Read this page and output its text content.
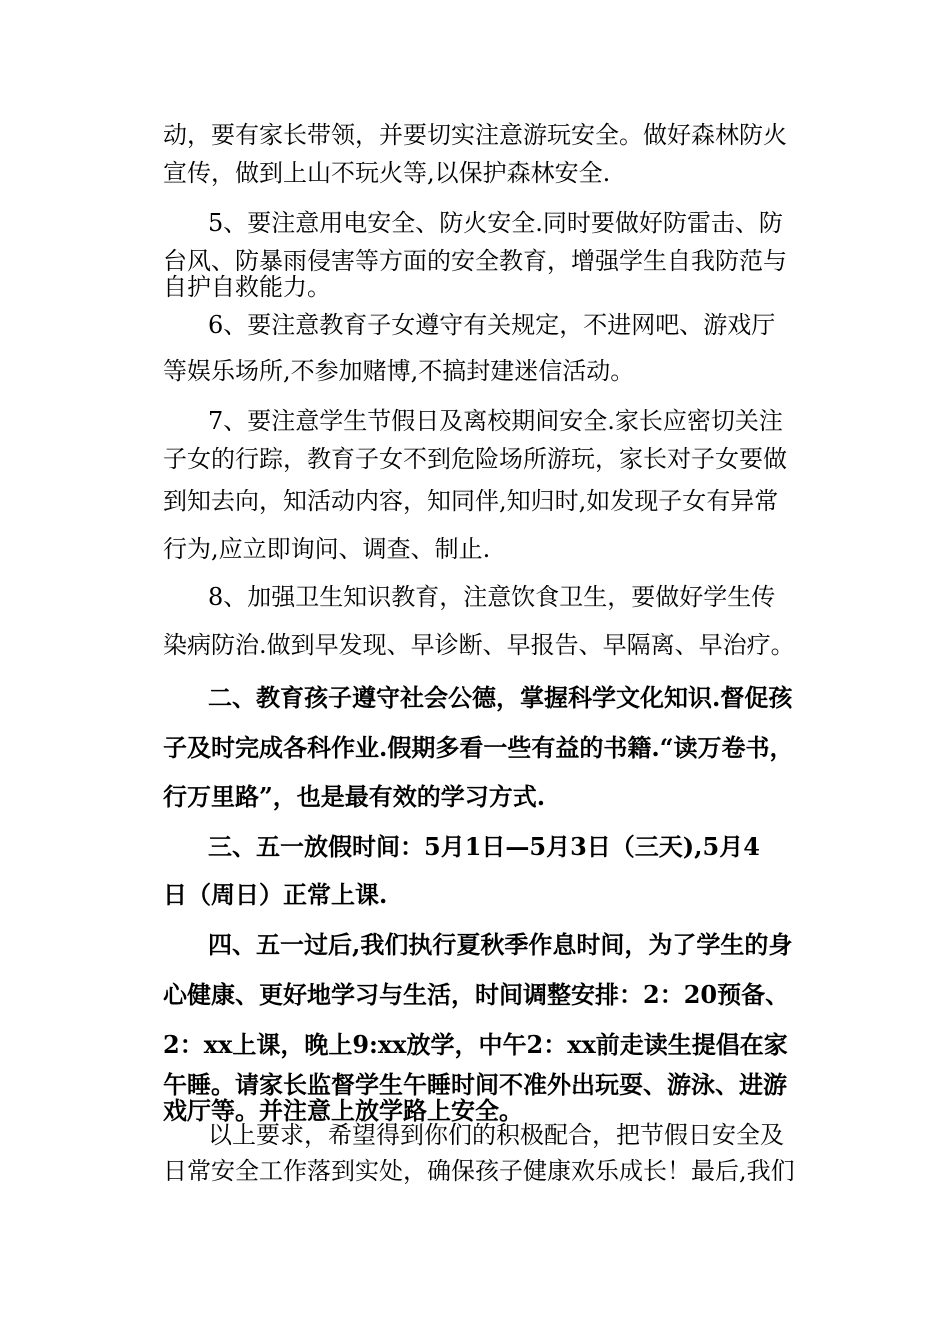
动，要有家长带领，并要切实注意游玩安全。做好森林防火

宣传，做到上山不玩火等,以保护森林安全.

5、要注意用电安全、防火安全.同时要做好防雷击、防

台风、防暴雨侵害等方面的安全教育，增强学生自我防范与

自护自救能力。

6、要注意教育子女遵守有关规定，不进网吧、游戏厅

等娱乐场所,不参加赌博,不搞封建迷信活动。

7、要注意学生节假日及离校期间安全.家长应密切关注

子女的行踪，教育子女不到危险场所游玩，家长对子女要做

到知去向，知活动内容，知同伴,知归时,如发现子女有异常

行为,应立即询问、调查、制止.

8、加强卫生知识教育，注意饮食卫生，要做好学生传

染病防治.做到早发现、早诊断、早报告、早隔离、早治疗。

二、教育孩子遵守社会公德，掌握科学文化知识.督促孩

子及时完成各科作业.假期多看一些有益的书籍.“读万卷书，

行万里路”，也是最有效的学习方式.

三、五一放假时间：5月1日—5月3日（三天),5月4

日（周日）正常上课.

四、五一过后,我们执行夏秋季作息时间，为了学生的身

心健康、更好地学习与生活，时间调整安排：2：20预备、

2：xx上课，晚上9:xx放学，中午2：xx前走读生提倡在家

午睡。请家长监督学生午睡时间不准外出玩耍、游泳、进游

戏厅等。并注意上放学路上安全。

以上要求，希望得到你们的积极配合，把节假日安全及

日常安全工作落到实处，确保孩子健康欢乐成长！最后,我们
